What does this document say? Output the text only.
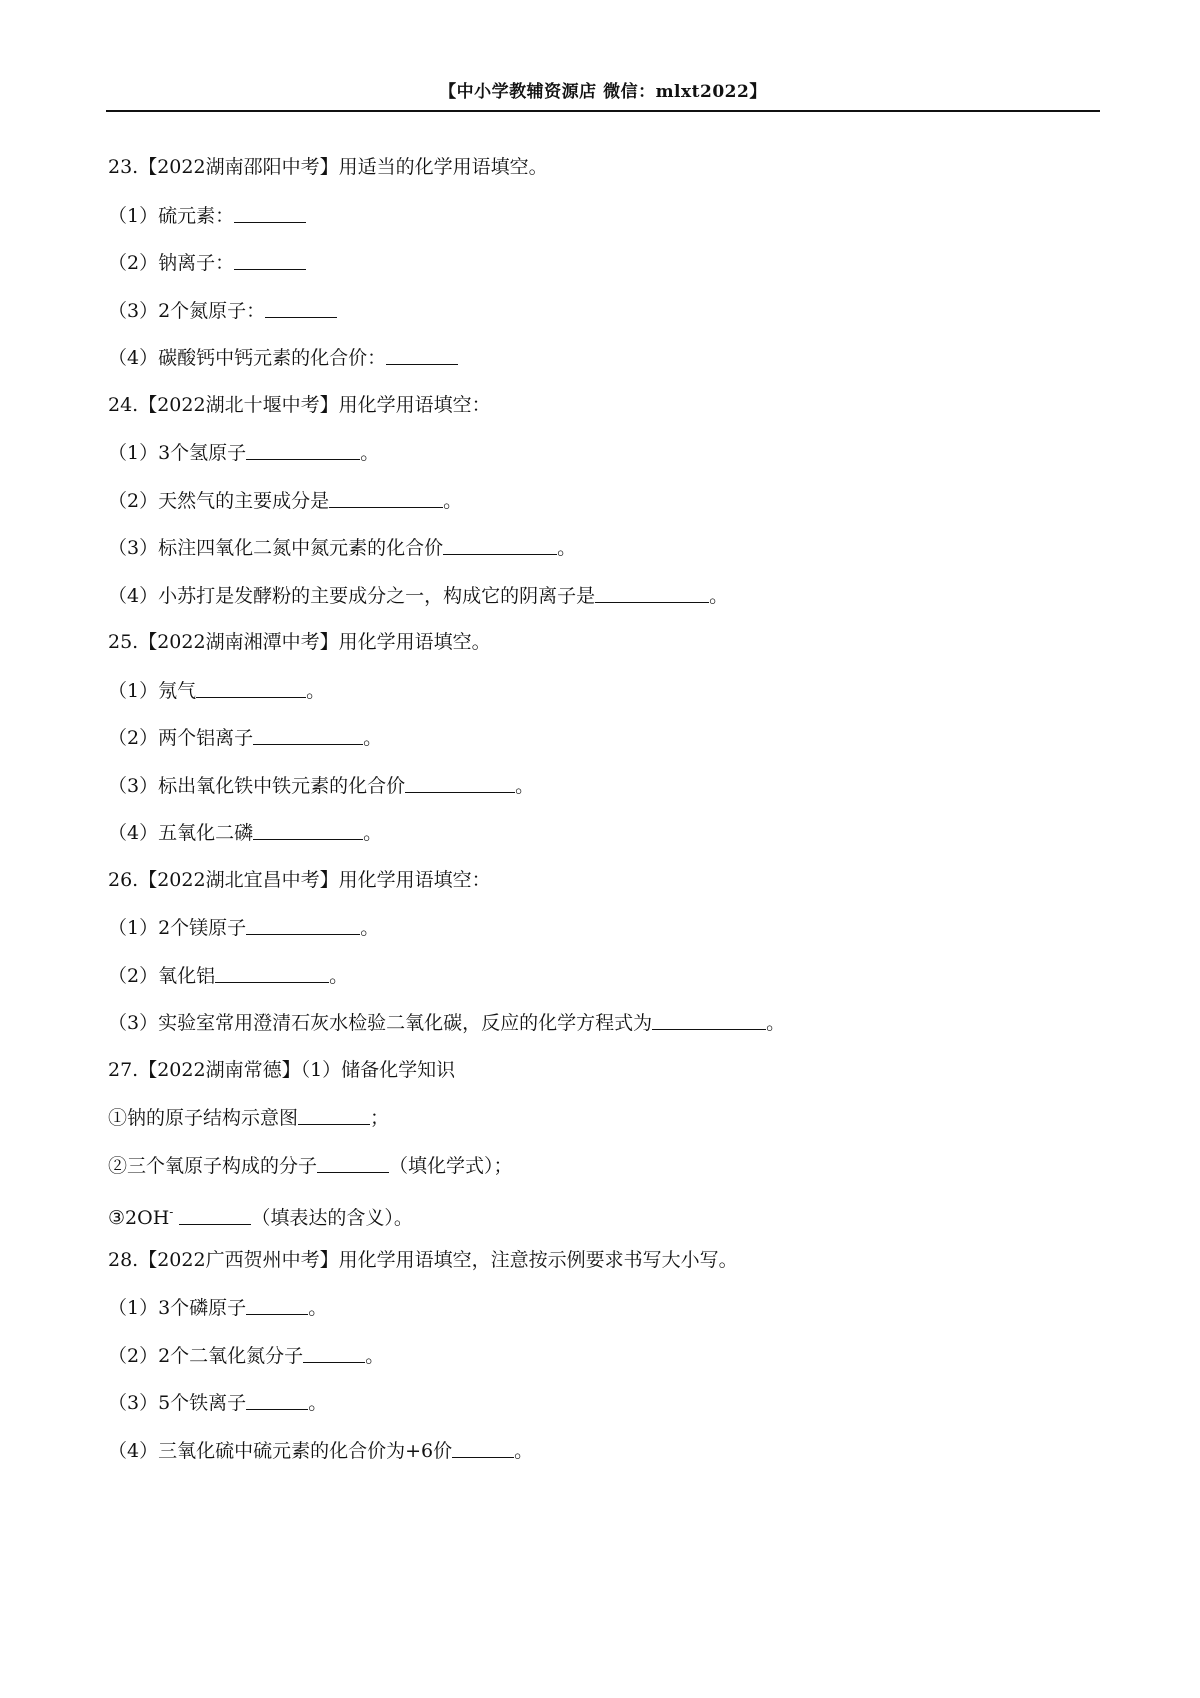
【中小学教辅资源店 微信：mlxt2022】
23.【2022湖南邵阳中考】用适当的化学用语填空。
（1）硫元素：
（2）钠离子：
（3）2个氮原子：
（4）碳酸钙中钙元素的化合价：
24.【2022湖北十堰中考】用化学用语填空：
（1）3个氢原子	。
（2）天然气的主要成分是	。
（3）标注四氧化二氮中氮元素的化合价	。
（4）小苏打是发酵粉的主要成分之一，构成它的阴离子是	。
25.【2022湖南湘潭中考】用化学用语填空。
（1）氖气	。
（2）两个铝离子	。
（3）标出氧化铁中铁元素的化合价	。
（4）五氧化二磷	。
26.【2022湖北宜昌中考】用化学用语填空：
（1）2个镁原子	。
（2）氧化铝	。
（3）实验室常用澄清石灰水检验二氧化碳，反应的化学方程式为	。
27.【2022湖南常德】（1）储备化学知识
①钠的原子结构示意图	；
②三个氧原子构成的分子	（填化学式）；
③2OH-	（填表达的含义）。
28.【2022广西贺州中考】用化学用语填空，注意按示例要求书写大小写。
（1）3个磷原子	。
（2）2个二氧化氮分子	。
（3）5个铁离子	。
（4）三氧化硫中硫元素的化合价为+6价	。
